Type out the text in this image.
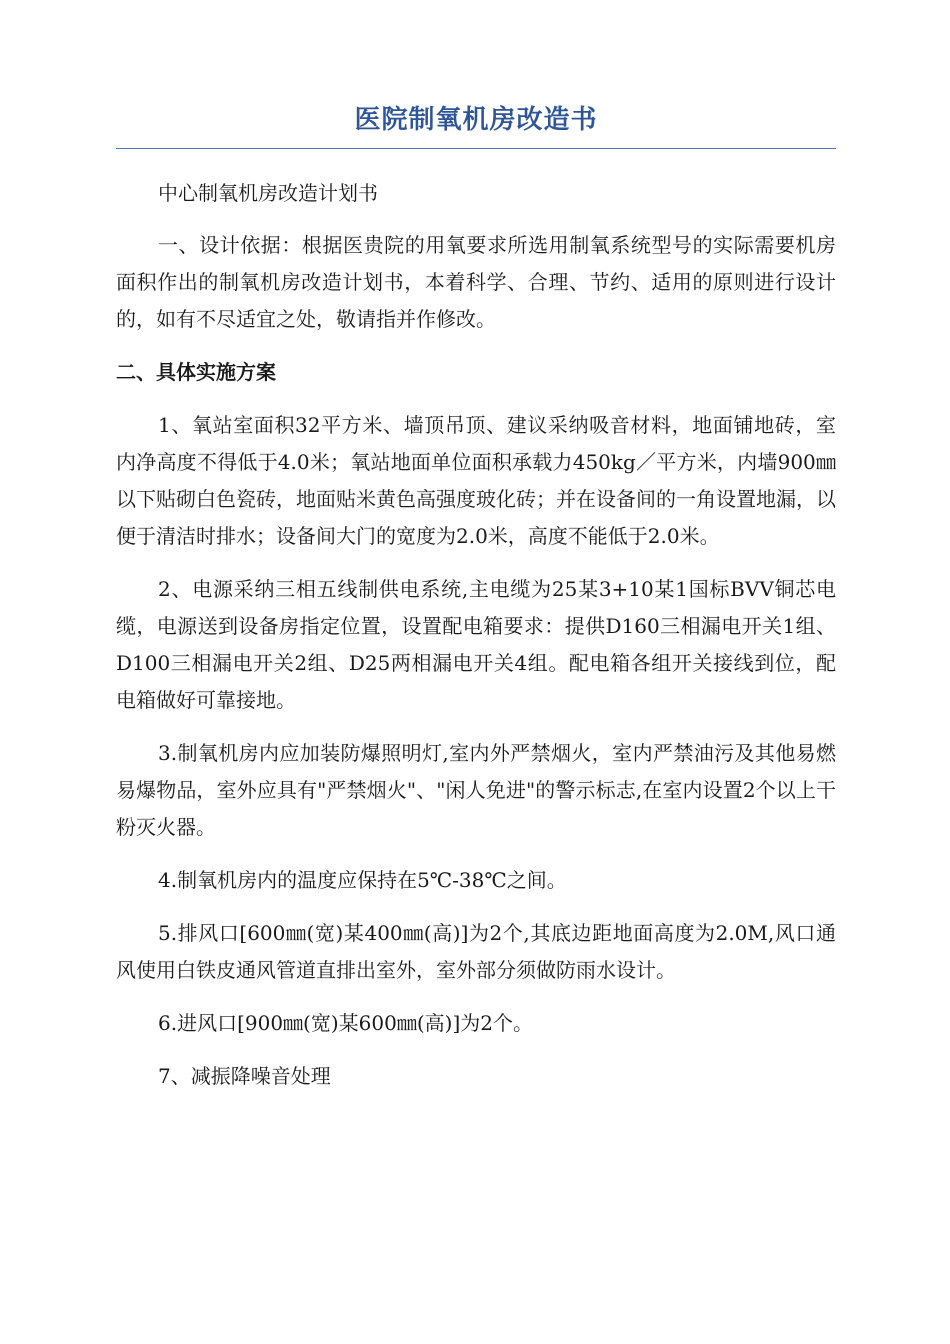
医院制氧机房改造书

中心制氧机房改造计划书

一、设计依据：根据医贵院的用氧要求所选用制氧系统型号的实际需要机房面积作出的制氧机房改造计划书，本着科学、合理、节约、适用的原则进行设计的，如有不尽适宜之处，敬请指并作修改。

二、具体实施方案

1、氧站室面积32平方米、墙顶吊顶、建议采纳吸音材料，地面铺地砖，室内净高度不得低于4.0米；氧站地面单位面积承载力450kg／平方米，内墙900㎜以下贴砌白色瓷砖，地面贴米黄色高强度玻化砖；并在设备间的一角设置地漏，以便于清洁时排水；设备间大门的宽度为2.0米，高度不能低于2.0米。

2、电源采纳三相五线制供电系统,主电缆为25某3+10某1国标BVV铜芯电缆，电源送到设备房指定位置，设置配电箱要求：提供D160三相漏电开关1组、D100三相漏电开关2组、D25两相漏电开关4组。配电箱各组开关接线到位，配电箱做好可靠接地。

3.制氧机房内应加装防爆照明灯,室内外严禁烟火，室内严禁油污及其他易燃易爆物品，室外应具有"严禁烟火"、"闲人免进"的警示标志,在室内设置2个以上干粉灭火器。

4.制氧机房内的温度应保持在5℃-38℃之间。

5.排风口[600㎜(宽)某400㎜(高)]为2个,其底边距地面高度为2.0M,风口通风使用白铁皮通风管道直排出室外，室外部分须做防雨水设计。

6.进风口[900㎜(宽)某600㎜(高)]为2个。

7、减振降噪音处理
